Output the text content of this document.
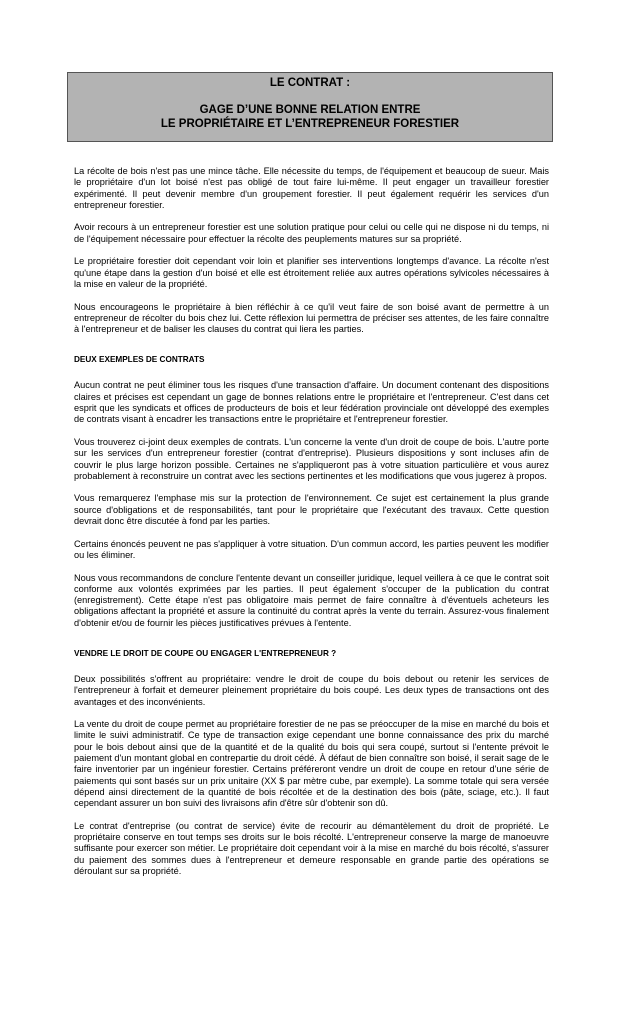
LE CONTRAT :
GAGE D’UNE BONNE RELATION ENTRE
LE PROPRIÉTAIRE ET L’ENTREPRENEUR FORESTIER

La récolte de bois n'est pas une mince tâche. Elle nécessite du temps, de l'équipement et beaucoup de sueur. Mais le propriétaire d'un lot boisé n'est pas obligé de tout faire lui-même. Il peut engager un travailleur forestier expérimenté. Il peut devenir membre d'un groupement forestier. Il peut également requérir les services d'un entrepreneur forestier.

Avoir recours à un entrepreneur forestier est une solution pratique pour celui ou celle qui ne dispose ni du temps, ni de l'équipement nécessaire pour effectuer la récolte des peuplements matures sur sa propriété.

Le propriétaire forestier doit cependant voir loin et planifier ses interventions longtemps d'avance. La récolte n'est qu'une étape dans la gestion d'un boisé et elle est étroitement reliée aux autres opérations sylvicoles nécessaires à la mise en valeur de la propriété.

Nous encourageons le propriétaire à bien réfléchir à ce qu'il veut faire de son boisé avant de permettre à un entrepreneur de récolter du bois chez lui. Cette réflexion lui permettra de préciser ses attentes, de les faire connaître à l'entrepreneur et de baliser les clauses du contrat qui liera les parties.

DEUX EXEMPLES DE CONTRATS

Aucun contrat ne peut éliminer tous les risques d'une transaction d'affaire. Un document contenant des dispositions claires et précises est cependant un gage de bonnes relations entre le propriétaire et l'entrepreneur. C'est dans cet esprit que les syndicats et offices de producteurs de bois et leur fédération provinciale ont développé des exemples de contrats visant à encadrer les transactions entre le propriétaire et l'entrepreneur forestier.

Vous trouverez ci-joint deux exemples de contrats. L'un concerne la vente d'un droit de coupe de bois. L'autre porte sur les services d'un entrepreneur forestier (contrat d'entreprise). Plusieurs dispositions y sont incluses afin de couvrir le plus large horizon possible. Certaines ne s'appliqueront pas à votre situation particulière et vous aurez probablement à reconstruire un contrat avec les sections pertinentes et les modifications que vous jugerez à propos.

Vous remarquerez l'emphase mis sur la protection de l'environnement. Ce sujet est certainement la plus grande source d'obligations et de responsabilités, tant pour le propriétaire que l'exécutant des travaux. Cette question devrait donc être discutée à fond par les parties.

Certains énoncés peuvent ne pas s'appliquer à votre situation. D'un commun accord, les parties peuvent les modifier ou les éliminer.

Nous vous recommandons de conclure l'entente devant un conseiller juridique, lequel veillera à ce que le contrat soit conforme aux volontés exprimées par les parties. Il peut également s'occuper de la publication du contrat (enregistrement). Cette étape n'est pas obligatoire mais permet de faire connaître à d'éventuels acheteurs les obligations affectant la propriété et assure la continuité du contrat après la vente du terrain. Assurez-vous finalement d'obtenir et/ou de fournir les pièces justificatives prévues à l'entente.

VENDRE LE DROIT DE COUPE OU ENGAGER L'ENTREPRENEUR ?

Deux possibilités s'offrent au propriétaire: vendre le droit de coupe du bois debout ou retenir les services de l'entrepreneur à forfait et demeurer pleinement propriétaire du bois coupé. Les deux types de transactions ont des avantages et des inconvénients.

La vente du droit de coupe permet au propriétaire forestier de ne pas se préoccuper de la mise en marché du bois et limite le suivi administratif. Ce type de transaction exige cependant une bonne connaissance des prix du marché pour le bois debout ainsi que de la quantité et de la qualité du bois qui sera coupé, surtout si l'entente prévoit le paiement d'un montant global en contrepartie du droit cédé. À défaut de bien connaître son boisé, il serait sage de le faire inventorier par un ingénieur forestier. Certains préféreront vendre un droit de coupe en retour d'une série de paiements qui sont basés sur un prix unitaire (XX $ par mètre cube, par exemple). La somme totale qui sera versée dépend ainsi directement de la quantité de bois récoltée et de la destination des bois (pâte, sciage, etc.). Il faut cependant assurer un bon suivi des livraisons afin d'être sûr d'obtenir son dû.

Le contrat d'entreprise (ou contrat de service) évite de recourir au démantèlement du droit de propriété. Le propriétaire conserve en tout temps ses droits sur le bois récolté. L'entrepreneur conserve la marge de manoeuvre suffisante pour exercer son métier. Le propriétaire doit cependant voir à la mise en marché du bois récolté, s'assurer du paiement des sommes dues à l'entrepreneur et demeure responsable en grande partie des opérations se déroulant sur sa propriété.
